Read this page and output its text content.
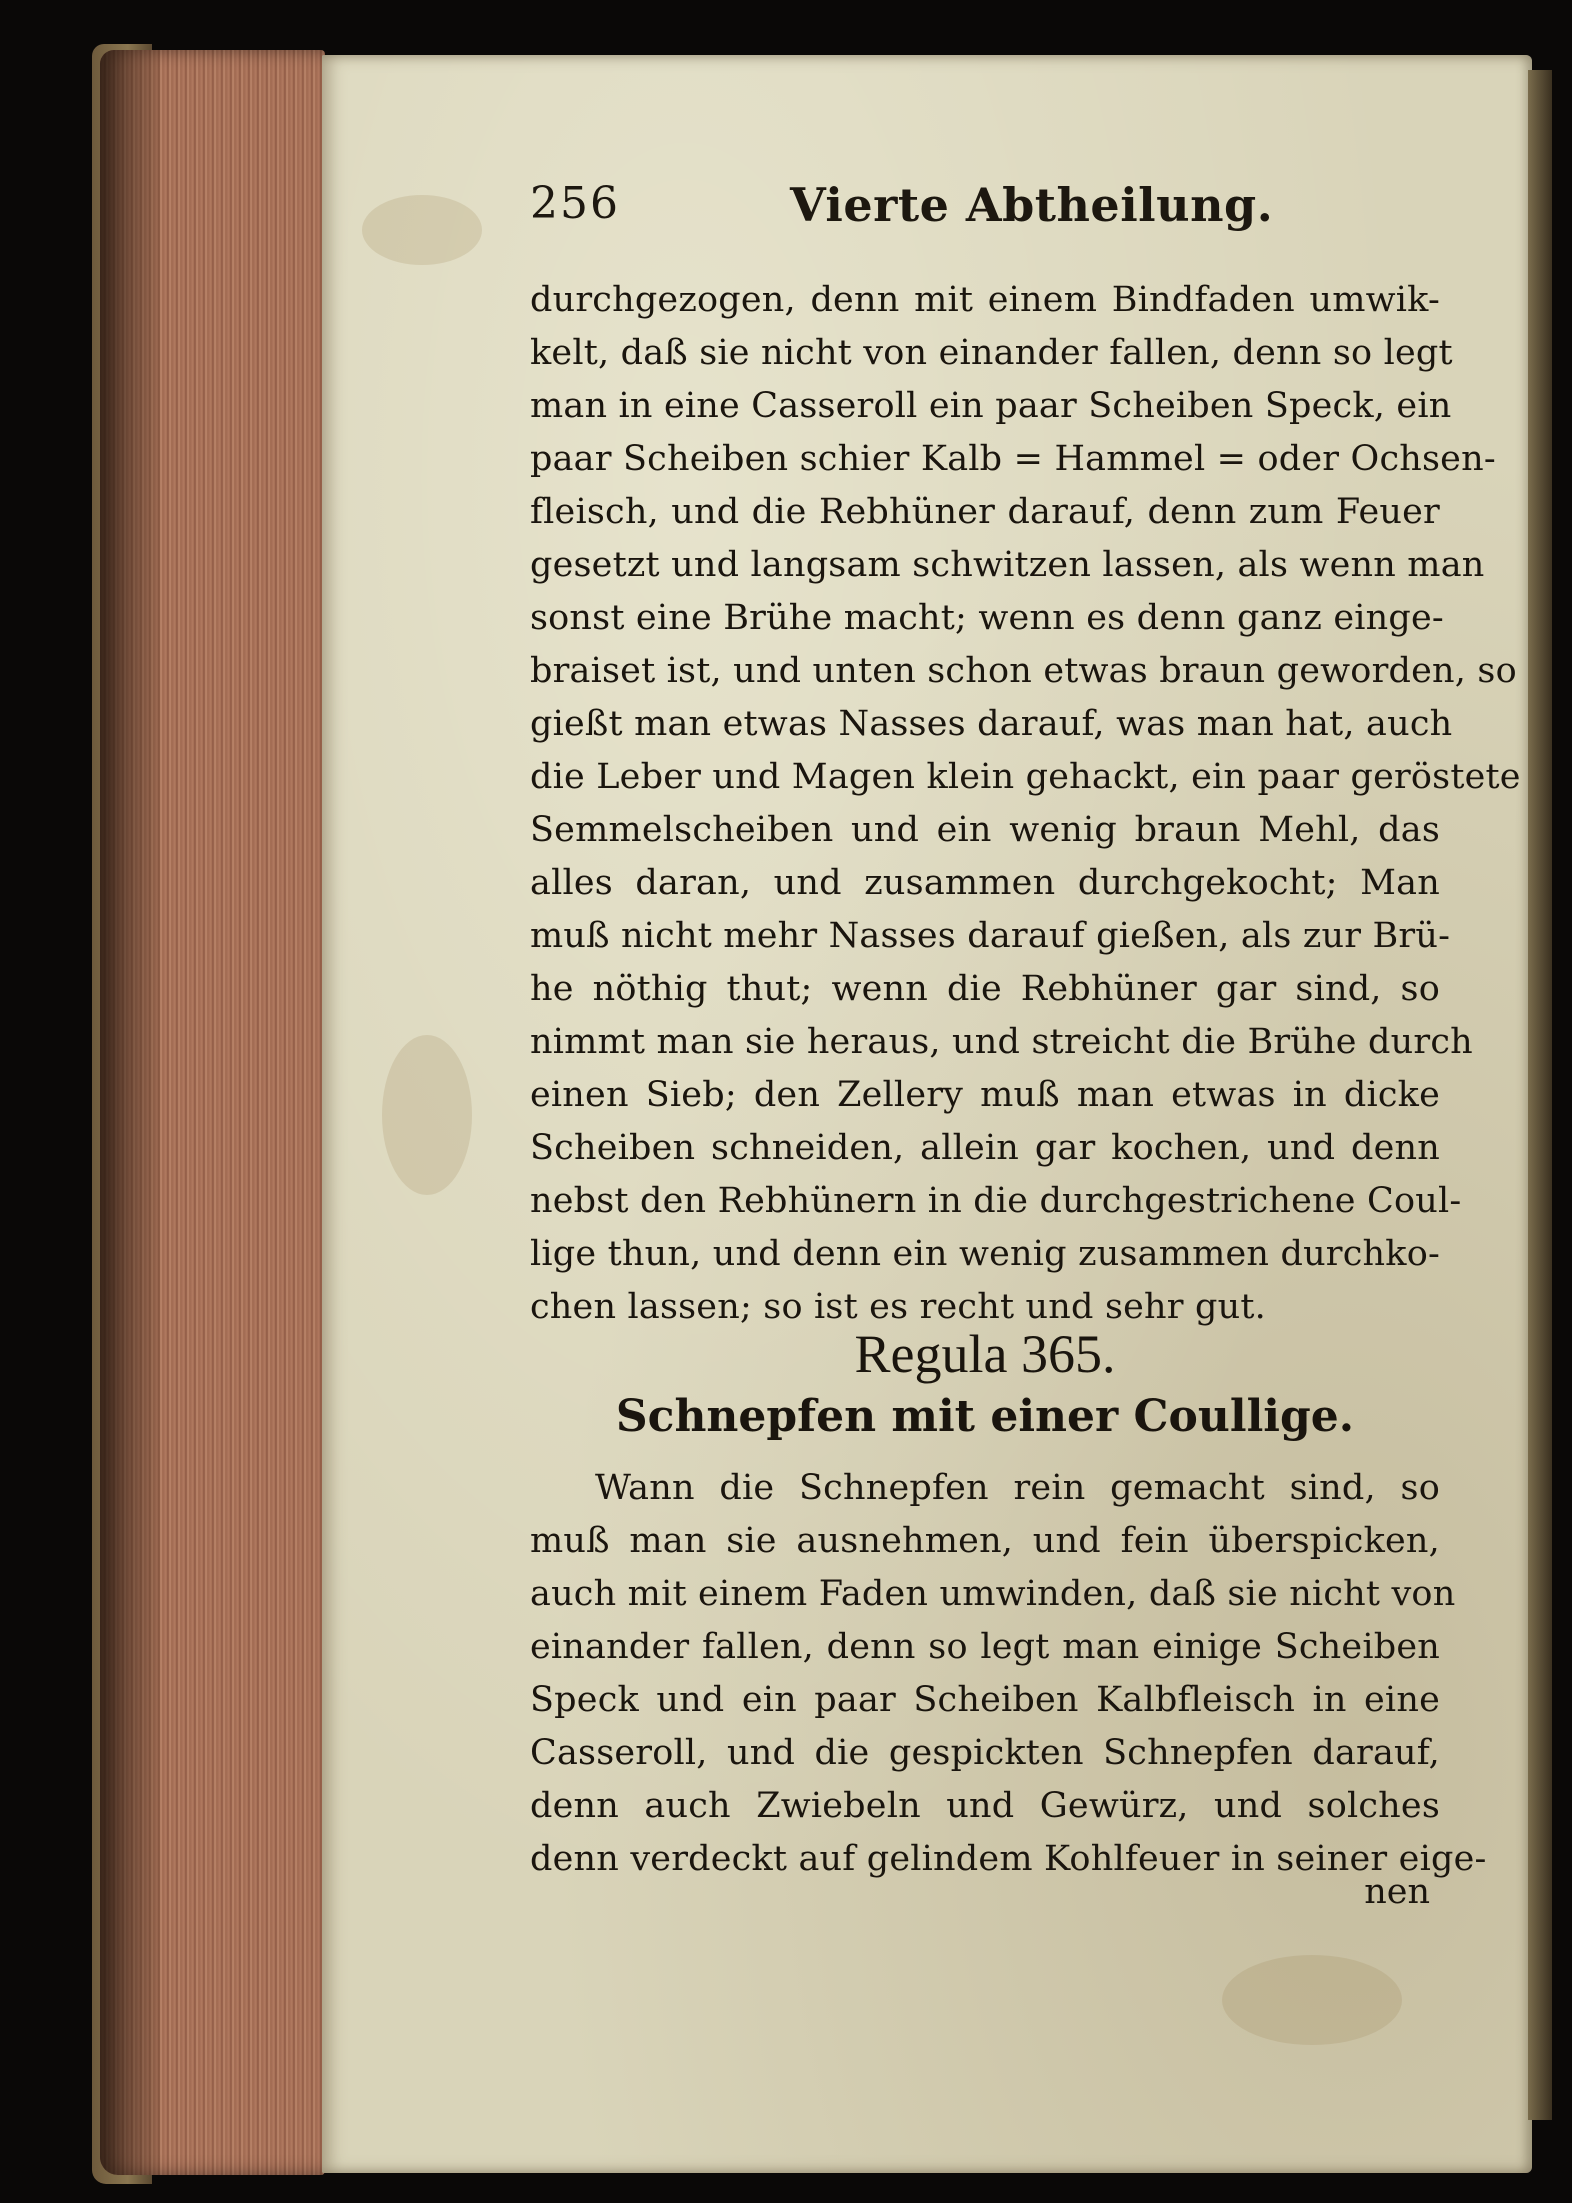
256	Vierte Abtheilung.
durchgezogen, denn mit einem Bindfaden umwik-
kelt, daß sie nicht von einander fallen, denn so legt
man in eine Casseroll ein paar Scheiben Speck, ein
paar Scheiben schier Kalb = Hammel = oder Ochsen-
fleisch, und die Rebhüner darauf, denn zum Feuer
gesetzt und langsam schwitzen lassen, als wenn man
sonst eine Brühe macht; wenn es denn ganz einge-
braiset ist, und unten schon etwas braun geworden, so
gießt man etwas Nasses darauf, was man hat, auch
die Leber und Magen klein gehackt, ein paar geröstete
Semmelscheiben und ein wenig braun Mehl, das
alles daran, und zusammen durchgekocht; Man
muß nicht mehr Nasses darauf gießen, als zur Brü-
he nöthig thut; wenn die Rebhüner gar sind, so
nimmt man sie heraus, und streicht die Brühe durch
einen Sieb; den Zellery muß man etwas in dicke
Scheiben schneiden, allein gar kochen, und denn
nebst den Rebhünern in die durchgestrichene Coul-
lige thun, und denn ein wenig zusammen durchko-
chen lassen; so ist es recht und sehr gut.
Regula 365.
Schnepfen mit einer Coullige.
Wann die Schnepfen rein gemacht sind, so
muß man sie ausnehmen, und fein überspicken,
auch mit einem Faden umwinden, daß sie nicht von
einander fallen, denn so legt man einige Scheiben
Speck und ein paar Scheiben Kalbfleisch in eine
Casseroll, und die gespickten Schnepfen darauf,
denn auch Zwiebeln und Gewürz, und solches
denn verdeckt auf gelindem Kohlfeuer in seiner eige-
nen
